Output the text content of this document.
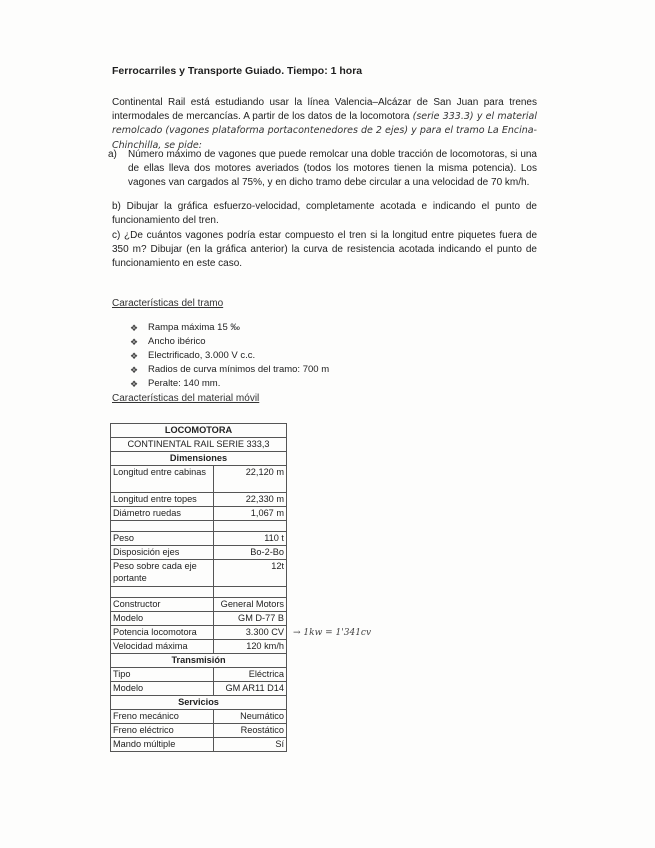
Ferrocarriles y Transporte Guiado. Tiempo: 1 hora

Continental Rail está estudiando usar la línea Valencia–Alcázar de San Juan para trenes intermodales de mercancías. A partir de los datos de la locomotora (serie 333.3) y el material remolcado (vagones plataforma portacontenedores de 2 ejes) y para el tramo La Encina-Chinchilla, se pide:

a) Número máximo de vagones que puede remolcar una doble tracción de locomotoras, si una de ellas lleva dos motores averiados (todos los motores tienen la misma potencia). Los vagones van cargados al 75%, y en dicho tramo debe circular a una velocidad de 70 km/h.
b) Dibujar la gráfica esfuerzo-velocidad, completamente acotada e indicando el punto de funcionamiento del tren.
c) ¿De cuántos vagones podría estar compuesto el tren si la longitud entre piquetes fuera de 350 m? Dibujar (en la gráfica anterior) la curva de resistencia acotada indicando el punto de funcionamiento en este caso.
Características del tramo
❖ Rampa máxima 15 ‰
❖ Ancho ibérico
❖ Electrificado, 3.000 V c.c.
❖ Radios de curva mínimos del tramo: 700 m
❖ Peralte: 140 mm.
Características del material móvil
LOCOMOTORA	
CONTINENTAL RAIL SERIE 333,3	
Dimensiones	
Longitud entre cabinas	22,120 m
Longitud entre topes	22,330 m
Diámetro ruedas	1,067 m

Peso	110 t
Disposición ejes	Bo-2-Bo
Peso sobre cada eje portante	12t

Constructor	General Motors
Modelo	GM D-77 B
Potencia locomotora	3.300 CV
Velocidad máxima	120 km/h
Transmisión	
Tipo	Eléctrica
Modelo	GM AR11 D14
Servicios	
Freno mecánico	Neumático
Freno eléctrico	Reostático
Mando múltiple	Sí
→ 1kw = 1'341cv
